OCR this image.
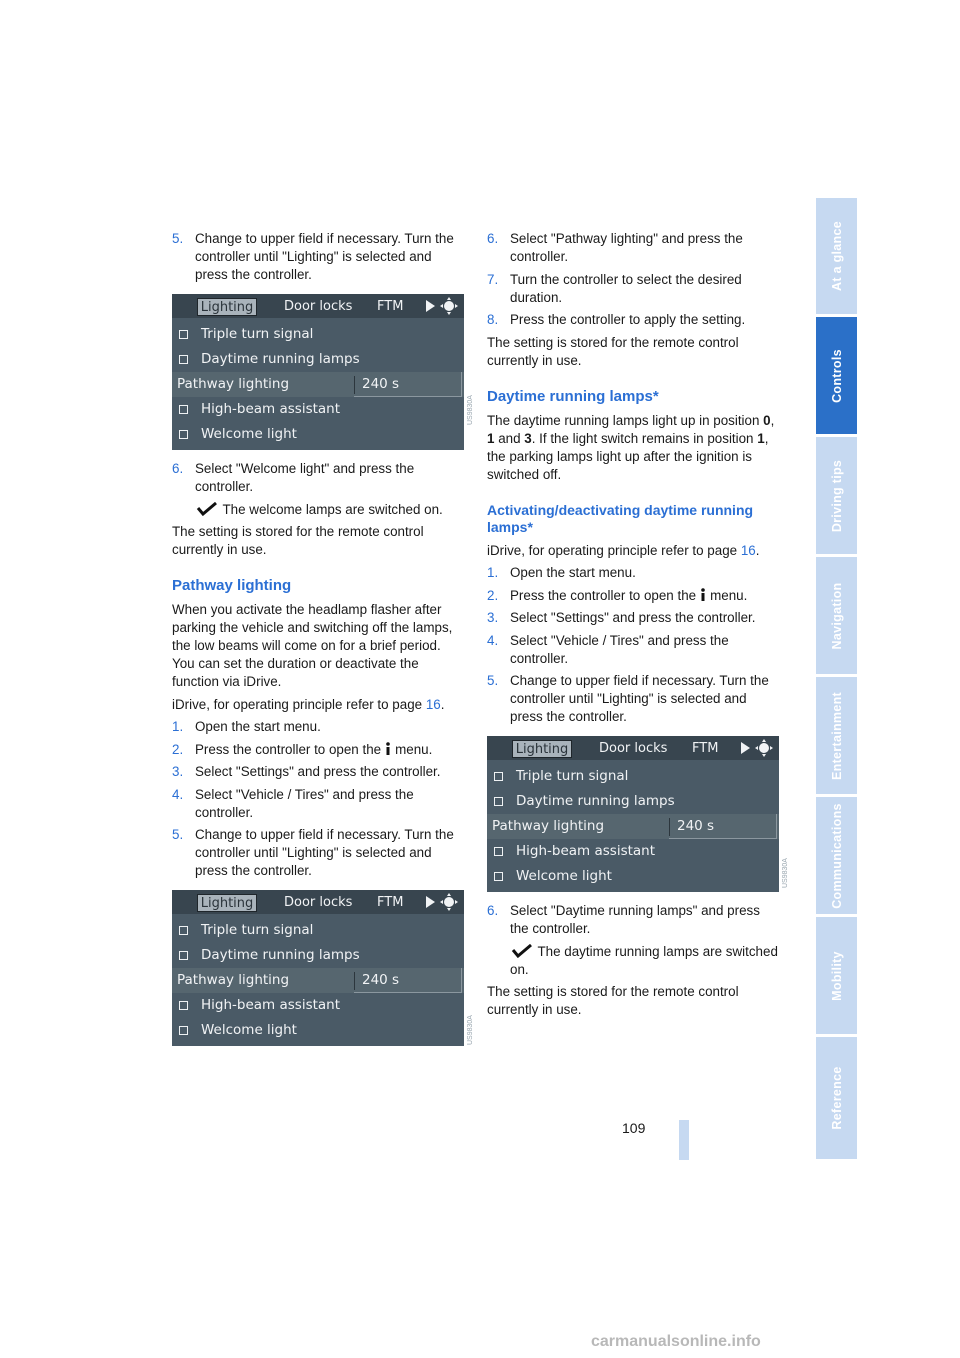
5. Change to upper field if necessary. Turn the controller until "Lighting" is selected and press the controller.
Lighting Door locks FTM
Triple turn signal
Daytime running lamps
Pathway lighting	240 s
High-beam assistant
Welcome light
6. Select "Welcome light" and press the controller.
The welcome lamps are switched on.
The setting is stored for the remote control currently in use.
Pathway lighting
When you activate the headlamp flasher after parking the vehicle and switching off the lamps, the low beams will come on for a brief period. You can set the duration or deactivate the function via iDrive.
iDrive, for operating principle refer to page 16.
1. Open the start menu.
2. Press the controller to open the menu.
3. Select "Settings" and press the controller.
4. Select "Vehicle / Tires" and press the controller.
5. Change to upper field if necessary. Turn the controller until "Lighting" is selected and press the controller.
Lighting Door locks FTM
Triple turn signal
Daytime running lamps
Pathway lighting	240 s
High-beam assistant
Welcome light
6. Select "Pathway lighting" and press the controller.
7. Turn the controller to select the desired duration.
8. Press the controller to apply the setting.
The setting is stored for the remote control currently in use.
Daytime running lamps*
The daytime running lamps light up in position 0, 1 and 3. If the light switch remains in position 1, the parking lamps light up after the ignition is switched off.
Activating/deactivating daytime running lamps*
iDrive, for operating principle refer to page 16.
1. Open the start menu.
2. Press the controller to open the menu.
3. Select "Settings" and press the controller.
4. Select "Vehicle / Tires" and press the controller.
5. Change to upper field if necessary. Turn the controller until "Lighting" is selected and press the controller.
Lighting Door locks FTM
Triple turn signal
Daytime running lamps
Pathway lighting	240 s
High-beam assistant
Welcome light
6. Select "Daytime running lamps" and press the controller.
The daytime running lamps are switched on.
The setting is stored for the remote control currently in use.
US9830A
US9830A
US9830A
At a glance
Controls
Driving tips
Navigation
Entertainment
Communications
Mobility
Reference
109
carmanualsonline.info
